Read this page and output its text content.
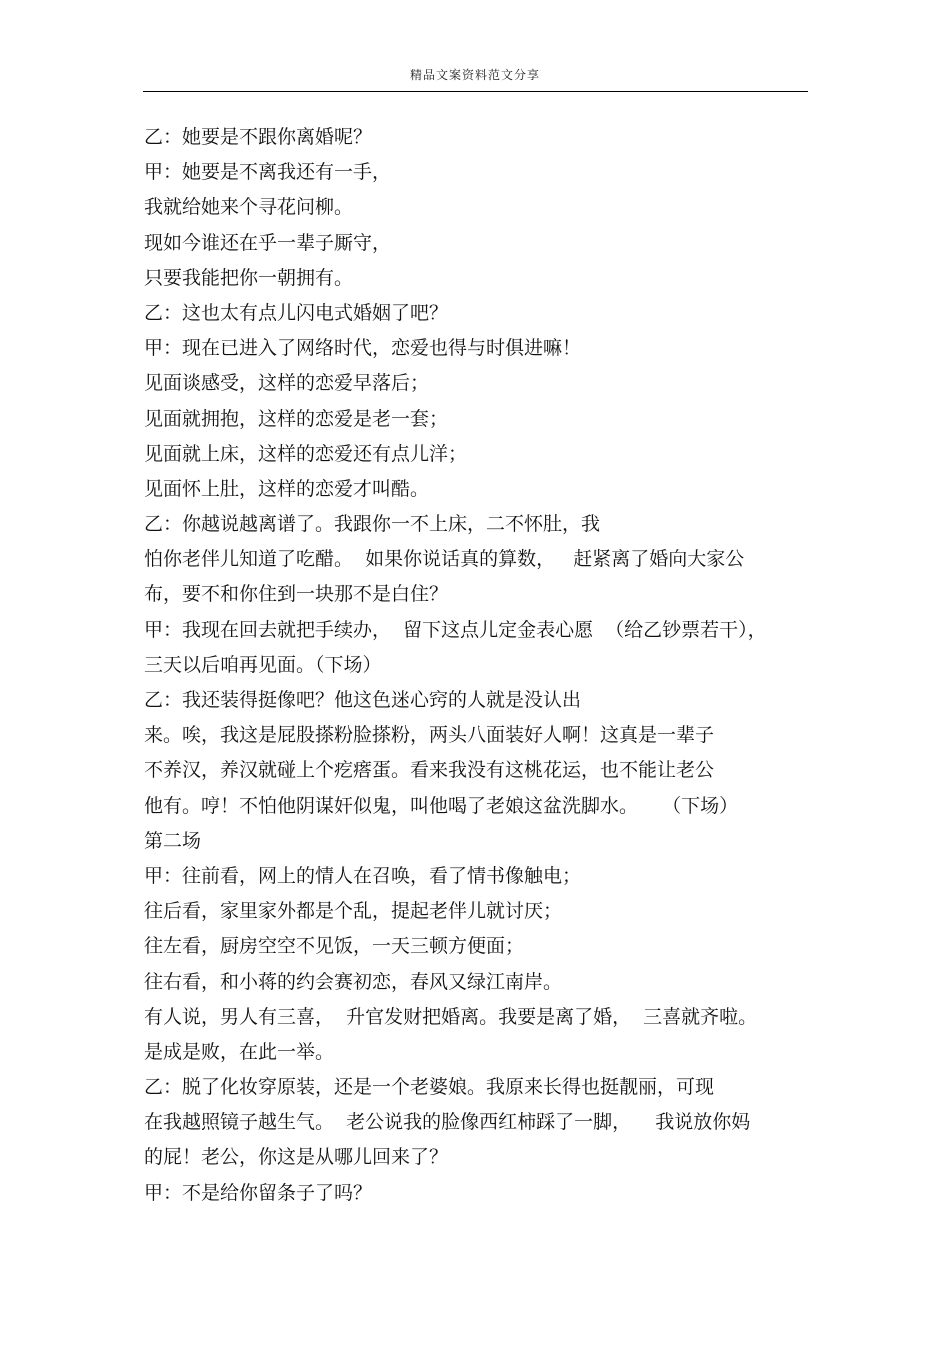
精品文案资料范文分享
乙：她要是不跟你离婚呢？
甲：她要是不离我还有一手，
我就给她来个寻花问柳。
现如今谁还在乎一辈子厮守，
只要我能把你一朝拥有。
乙：这也太有点儿闪电式婚姻了吧？
甲：现在已进入了网络时代，恋爱也得与时俱进嘛！
见面谈感受，这样的恋爱早落后；
见面就拥抱，这样的恋爱是老一套；
见面就上床，这样的恋爱还有点儿洋；
见面怀上肚，这样的恋爱才叫酷。
乙：你越说越离谱了。我跟你一不上床，二不怀肚，我
怕你老伴儿知道了吃醋。  如果你说话真的算数，   赶紧离了婚向大家公
布，要不和你住到一块那不是白住？
甲：我现在回去就把手续办，  留下这点儿定金表心愿  （给乙钞票若干），
三天以后咱再见面。（下场）
乙：我还装得挺像吧？他这色迷心窍的人就是没认出
来。唉，我这是屁股搽粉脸搽粉，两头八面装好人啊！这真是一辈子
不养汉，养汉就碰上个疙瘩蛋。看来我没有这桃花运，也不能让老公
他有。哼！不怕他阴谋奸似鬼，叫他喝了老娘这盆洗脚水。    （下场）
第二场
甲：往前看，网上的情人在召唤，看了情书像触电；
往后看，家里家外都是个乱，提起老伴儿就讨厌；
往左看，厨房空空不见饭，一天三顿方便面；
往右看，和小蒋的约会赛初恋，春风又绿江南岸。
有人说，男人有三喜，  升官发财把婚离。我要是离了婚，  三喜就齐啦。
是成是败，在此一举。
乙：脱了化妆穿原装，还是一个老婆娘。我原来长得也挺靓丽，可现
在我越照镜子越生气。  老公说我的脸像西红柿踩了一脚，    我说放你妈
的屁！老公，你这是从哪儿回来了？
甲：不是给你留条子了吗？
